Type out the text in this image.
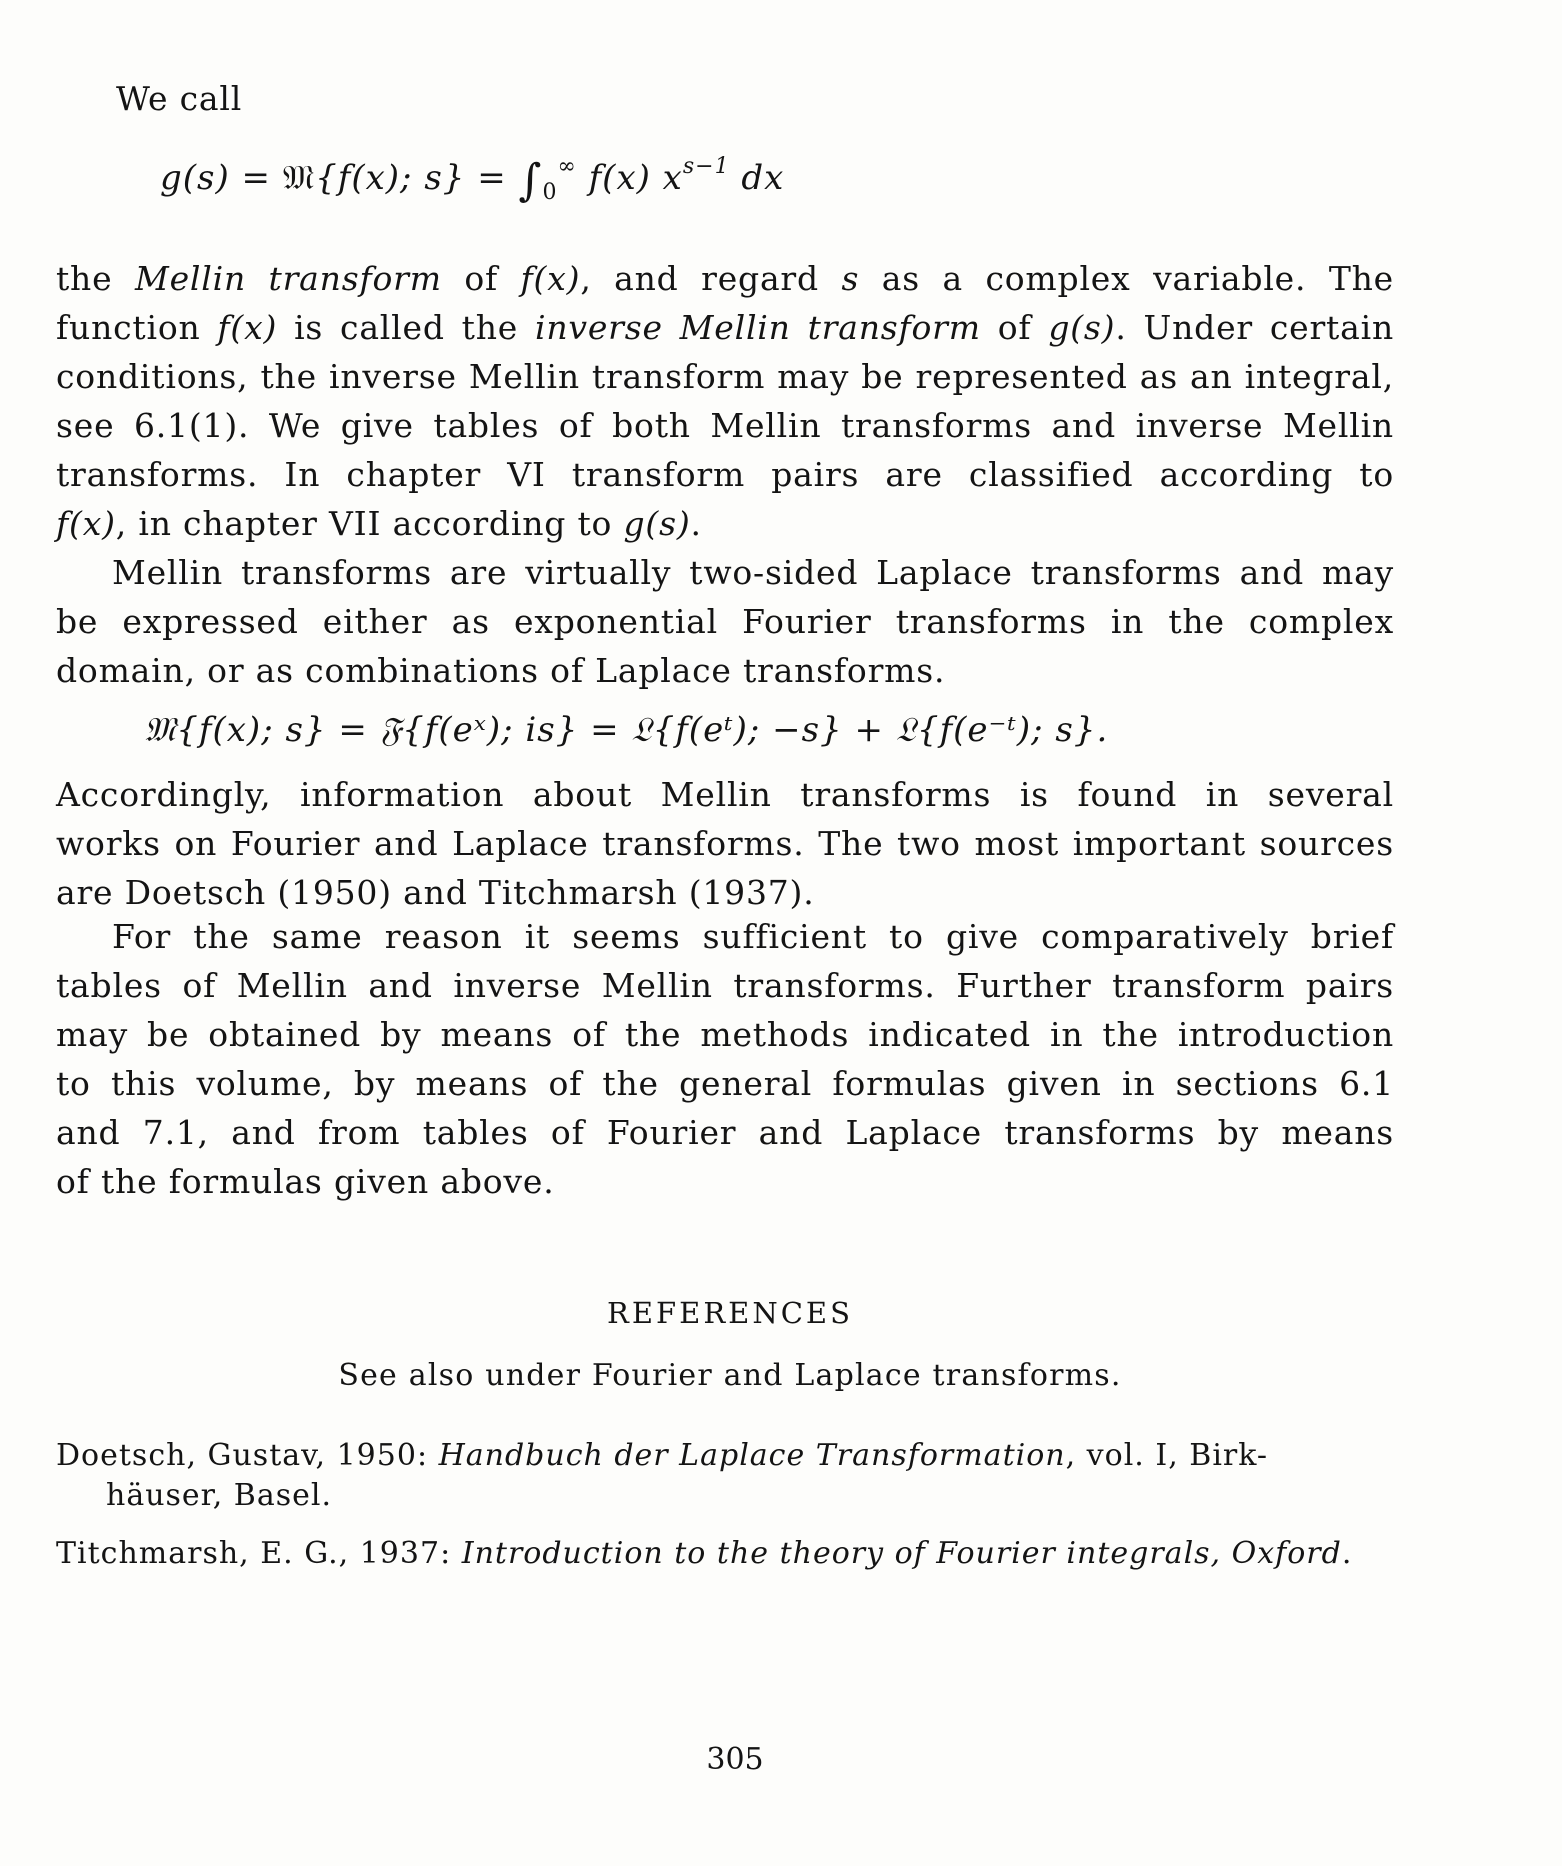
We call
g(s) = 𝔐{f(x); $s\} = \int_0^\infty$ f(x) $x^{s-1}$ dx
the Mellin transform of f(x), and regard s as a complex variable. The
function f(x) is called the inverse Mellin transform of g(s). Under certain
conditions, the inverse Mellin transform may be represented as an integral,
see 6.1(1). We give tables of both Mellin transforms and inverse Mellin
transforms. In chapter VI transform pairs are classified according to
f(x), in chapter VII according to g(s).
Mellin transforms are virtually two-sided Laplace transforms and may
be expressed either as exponential Fourier transforms in the complex
domain, or as combinations of Laplace transforms.
𝔐{f(x); s} = 𝔉{f(eˣ); is} = 𝔏{f(eᵗ); −s} + 𝔏{f(e⁻ᵗ); s}.
Accordingly, information about Mellin transforms is found in several
works on Fourier and Laplace transforms. The two most important sources
are Doetsch (1950) and Titchmarsh (1937).
For the same reason it seems sufficient to give comparatively brief
tables of Mellin and inverse Mellin transforms. Further transform pairs
may be obtained by means of the methods indicated in the introduction
to this volume, by means of the general formulas given in sections 6.1
and 7.1, and from tables of Fourier and Laplace transforms by means
of the formulas given above.
REFERENCES
See also under Fourier and Laplace transforms.
Doetsch, Gustav, 1950: Handbuch der Laplace Transformation, vol. I, Birk-
häuser, Basel.
Titchmarsh, E. G., 1937: Introduction to the theory of Fourier integrals, Oxford.
305
